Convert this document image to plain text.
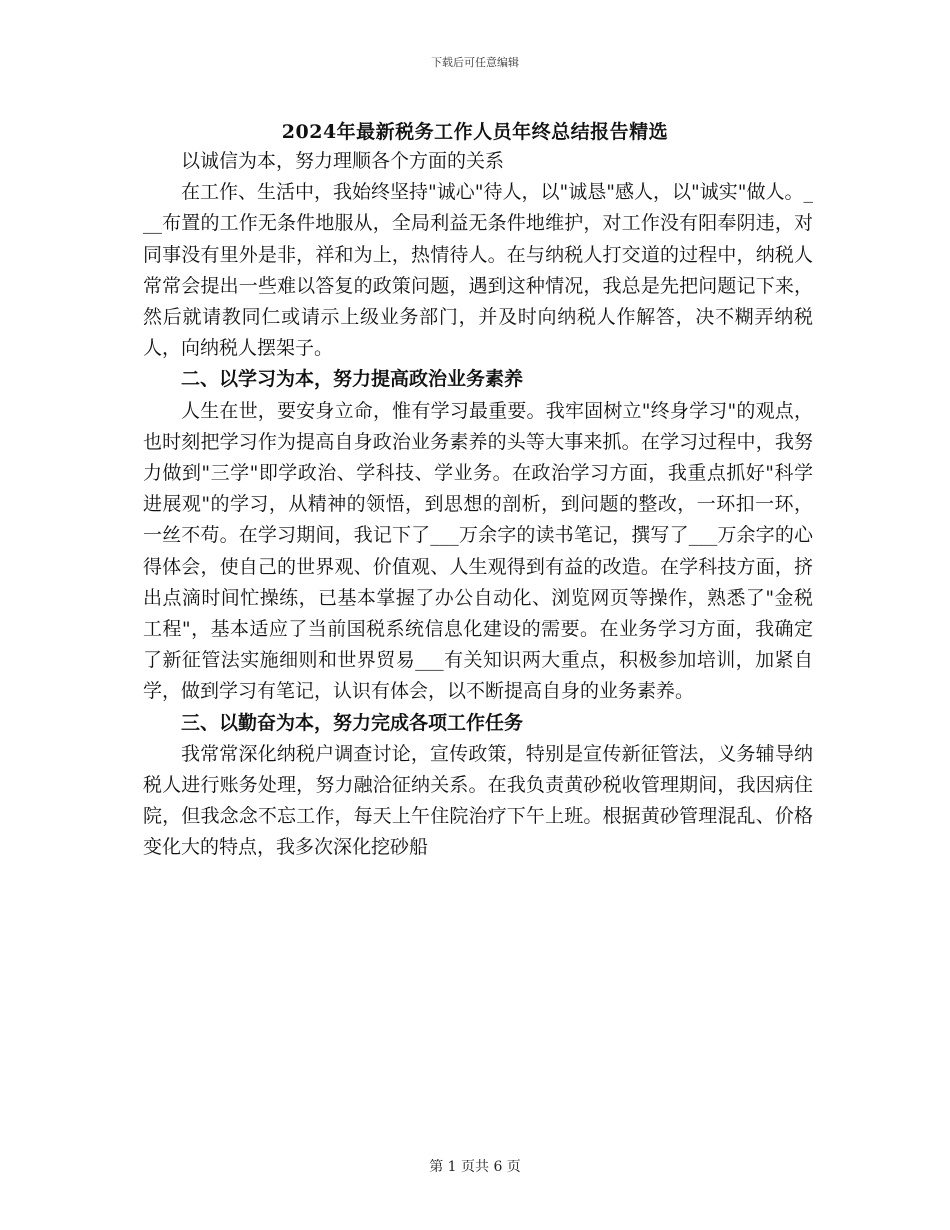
下载后可任意编辑
2024年最新税务工作人员年终总结报告精选

以诚信为本，努力理顺各个方面的关系

在工作、生活中，我始终坚持"诚心"待人，以"诚恳"感人，以"诚实"做人。___布置的工作无条件地服从，全局利益无条件地维护，对工作没有阳奉阴违，对同事没有里外是非，祥和为上，热情待人。在与纳税人打交道的过程中，纳税人常常会提出一些难以答复的政策问题，遇到这种情况，我总是先把问题记下来，然后就请教同仁或请示上级业务部门，并及时向纳税人作解答，决不糊弄纳税人，向纳税人摆架子。

二、以学习为本，努力提高政治业务素养

人生在世，要安身立命，惟有学习最重要。我牢固树立"终身学习"的观点，也时刻把学习作为提高自身政治业务素养的头等大事来抓。在学习过程中，我努力做到"三学"即学政治、学科技、学业务。在政治学习方面，我重点抓好"科学进展观"的学习，从精神的领悟，到思想的剖析，到问题的整改，一环扣一环，一丝不苟。在学习期间，我记下了___万余字的读书笔记，撰写了___万余字的心得体会，使自己的世界观、价值观、人生观得到有益的改造。在学科技方面，挤出点滴时间忙操练，已基本掌握了办公自动化、浏览网页等操作，熟悉了"金税工程"，基本适应了当前国税系统信息化建设的需要。在业务学习方面，我确定了新征管法实施细则和世界贸易___有关知识两大重点，积极参加培训，加紧自学，做到学习有笔记，认识有体会，以不断提高自身的业务素养。

三、以勤奋为本，努力完成各项工作任务

我常常深化纳税户调查讨论，宣传政策，特别是宣传新征管法，义务辅导纳税人进行账务处理，努力融洽征纳关系。在我负责黄砂税收管理期间，我因病住院，但我念念不忘工作，每天上午住院治疗下午上班。根据黄砂管理混乱、价格变化大的特点，我多次深化挖砂船

第 1 页共 6 页
